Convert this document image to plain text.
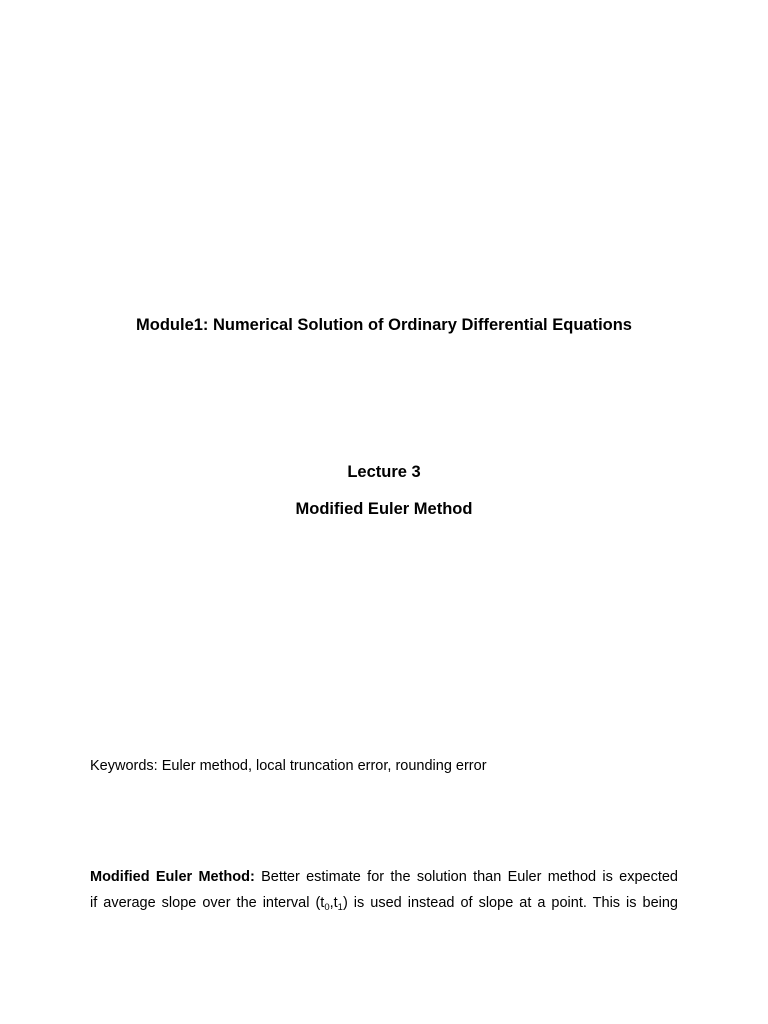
Module1: Numerical Solution of Ordinary Differential Equations
Lecture 3
Modified Euler Method
Keywords: Euler method, local truncation error, rounding error
Modified Euler Method: Better estimate for the solution than Euler method is expected
if average slope over the interval $(t_0,t_1)$ is used instead of slope at a point. This is being
